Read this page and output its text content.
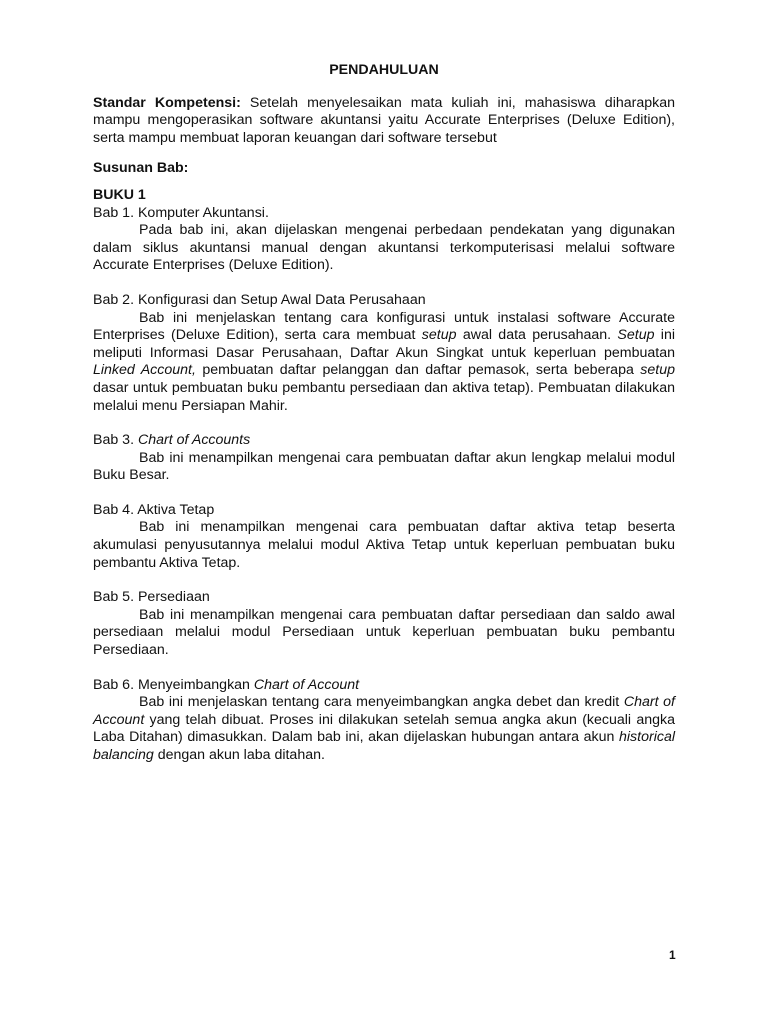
PENDAHULUAN

Standar Kompetensi: Setelah menyelesaikan mata kuliah ini, mahasiswa diharapkan mampu mengoperasikan software akuntansi yaitu Accurate Enterprises (Deluxe Edition), serta mampu membuat laporan keuangan dari software tersebut

Susunan Bab:
BUKU 1
Bab 1. Komputer Akuntansi.

Pada bab ini, akan dijelaskan mengenai perbedaan pendekatan yang digunakan dalam siklus akuntansi manual dengan akuntansi terkomputerisasi melalui software Accurate Enterprises (Deluxe Edition).

Bab 2. Konfigurasi dan Setup Awal Data Perusahaan

Bab ini menjelaskan tentang cara konfigurasi untuk instalasi software Accurate Enterprises (Deluxe Edition), serta cara membuat setup awal data perusahaan. Setup ini meliputi Informasi Dasar Perusahaan, Daftar Akun Singkat untuk keperluan pembuatan Linked Account, pembuatan daftar pelanggan dan daftar pemasok, serta beberapa setup dasar untuk pembuatan buku pembantu persediaan dan aktiva tetap). Pembuatan dilakukan melalui menu Persiapan Mahir.

Bab 3. Chart of Accounts

Bab ini menampilkan mengenai cara pembuatan daftar akun lengkap melalui modul Buku Besar.

Bab 4. Aktiva Tetap

Bab ini menampilkan mengenai cara pembuatan daftar aktiva tetap beserta akumulasi penyusutannya melalui modul Aktiva Tetap untuk keperluan pembuatan buku pembantu Aktiva Tetap.

Bab 5. Persediaan

Bab ini menampilkan mengenai cara pembuatan daftar persediaan dan saldo awal persediaan melalui modul Persediaan untuk keperluan pembuatan buku pembantu Persediaan.

Bab 6. Menyeimbangkan Chart of Account

Bab ini menjelaskan tentang cara menyeimbangkan angka debet dan kredit Chart of Account yang telah dibuat. Proses ini dilakukan setelah semua angka akun (kecuali angka Laba Ditahan) dimasukkan. Dalam bab ini, akan dijelaskan hubungan antara akun historical balancing dengan akun laba ditahan.

1
